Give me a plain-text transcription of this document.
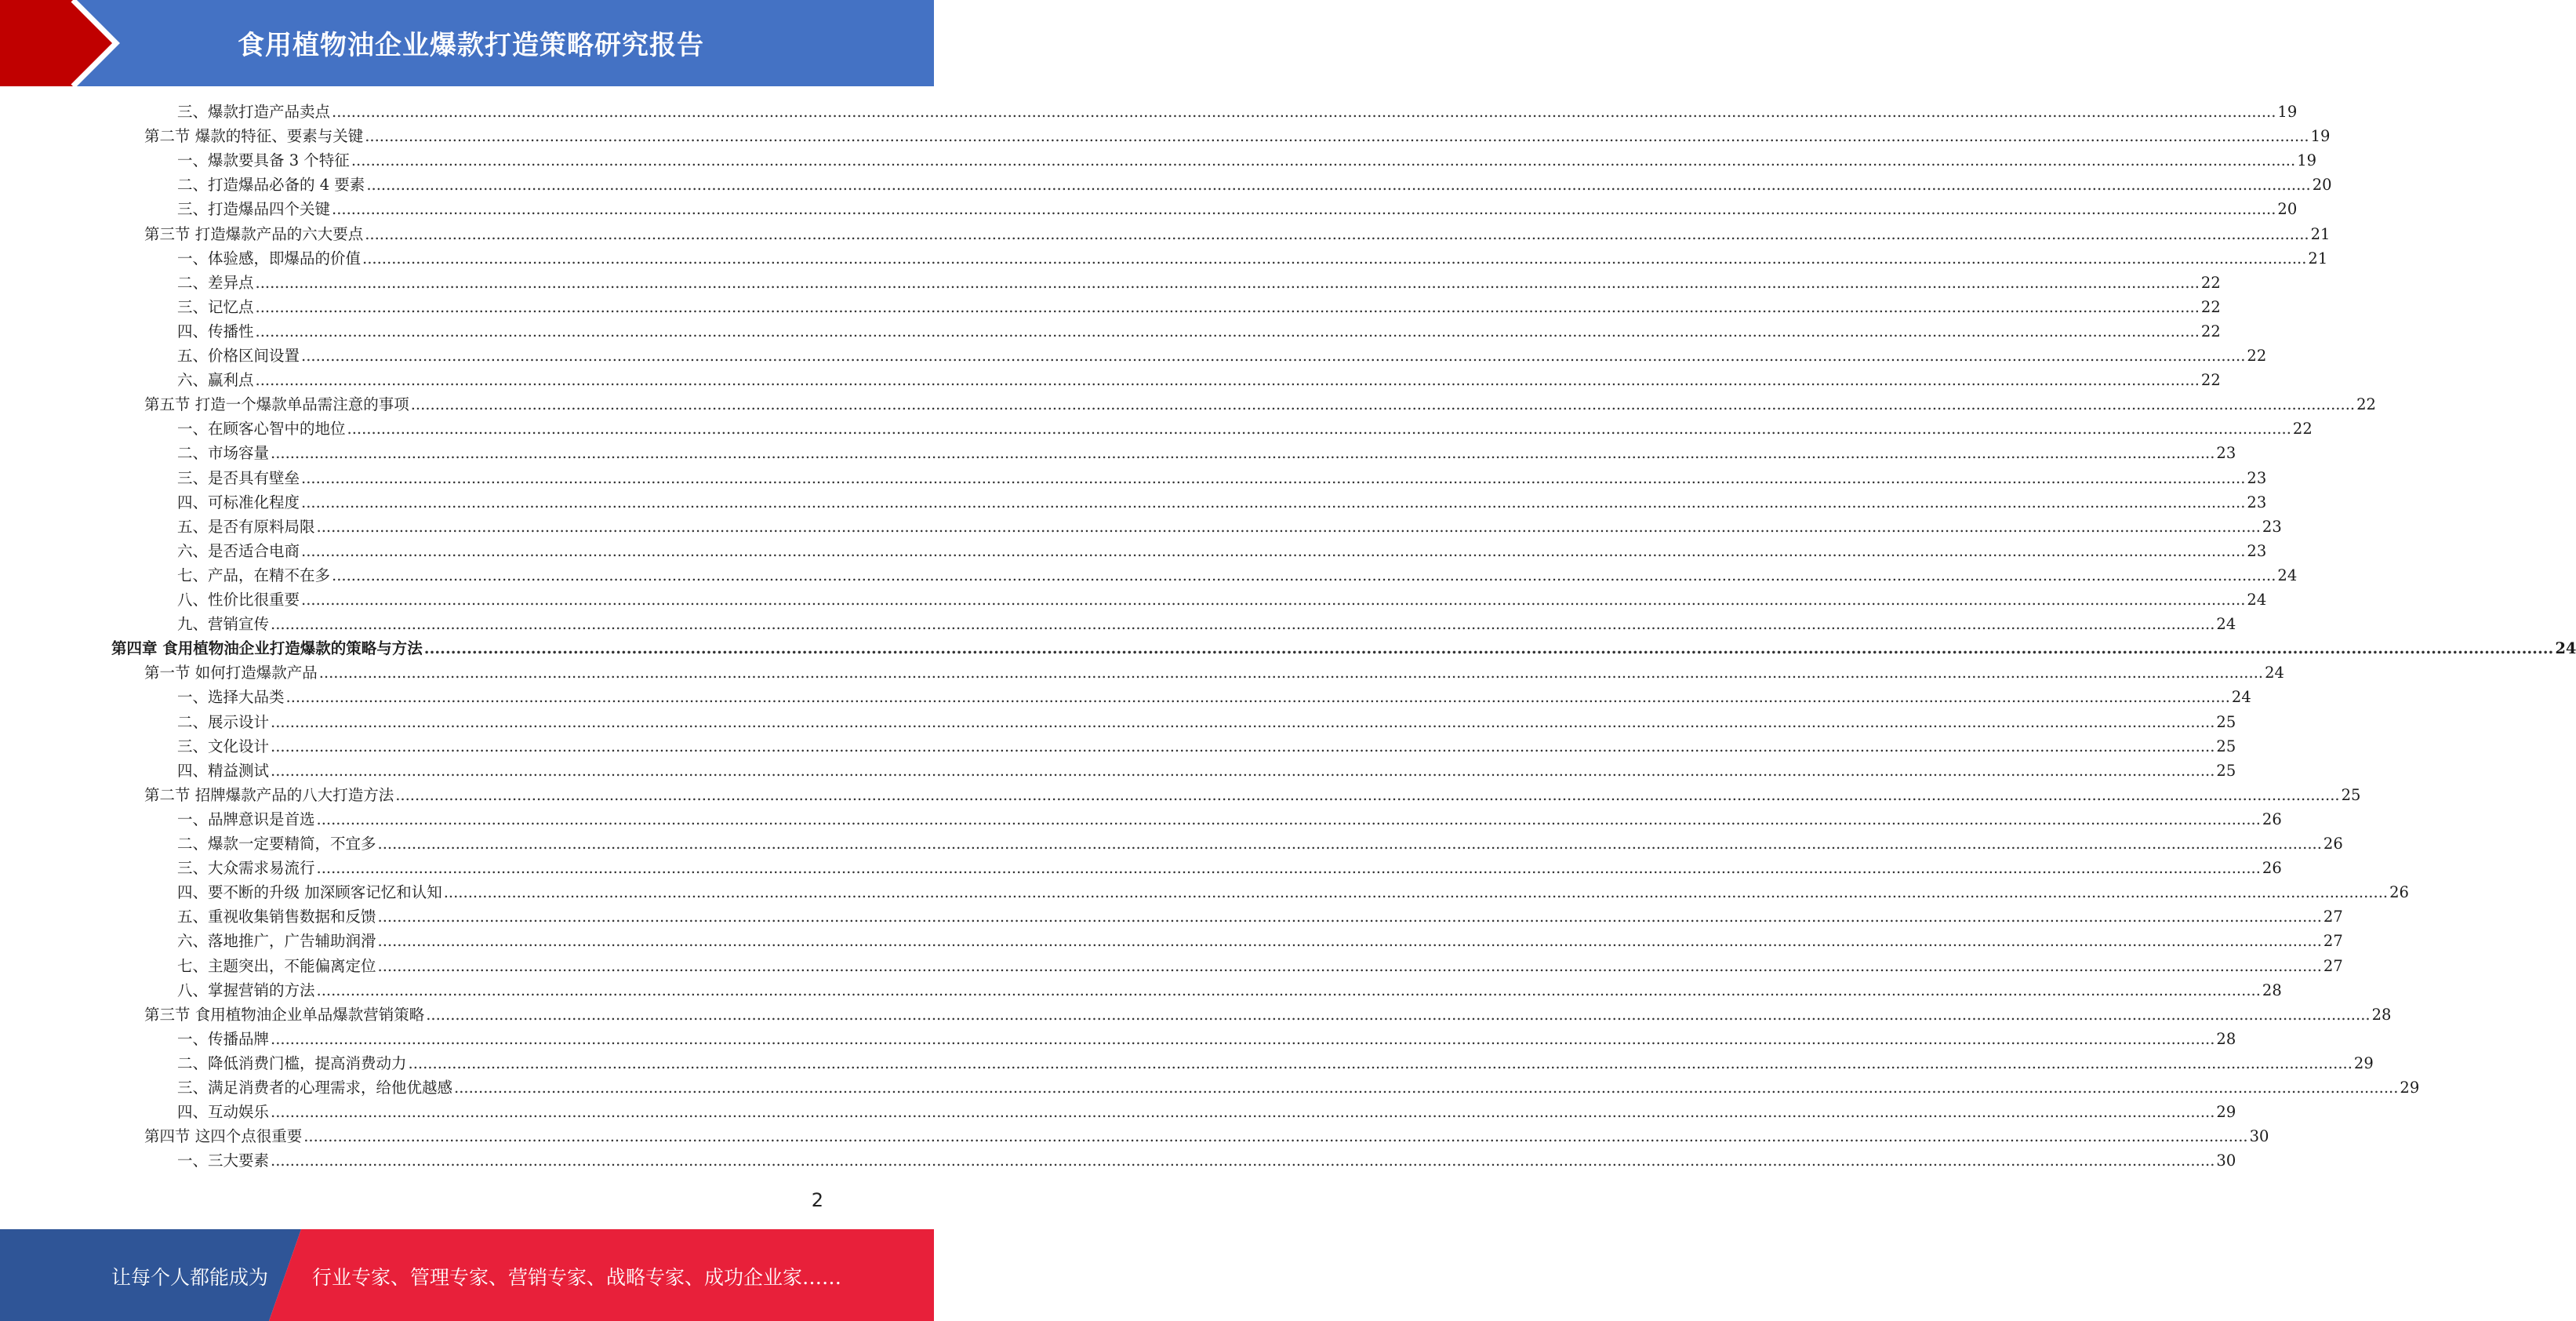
食用植物油企业爆款打造策略研究报告
三、爆款打造产品卖点 ................................................................................................................................................................................................................................................................................................................................................................................................................ 19
第二节 爆款的特征、要素与关键 ................................................................................................................................................................................................................................................................................................................................................................................................................ 19
一、爆款要具备 3 个特征 ................................................................................................................................................................................................................................................................................................................................................................................................................ 19
二、打造爆品必备的 4 要素 ................................................................................................................................................................................................................................................................................................................................................................................................................ 20
三、打造爆品四个关键 ................................................................................................................................................................................................................................................................................................................................................................................................................ 20
第三节 打造爆款产品的六大要点 ................................................................................................................................................................................................................................................................................................................................................................................................................ 21
一、体验感，即爆品的价值 ................................................................................................................................................................................................................................................................................................................................................................................................................ 21
二、差异点 ................................................................................................................................................................................................................................................................................................................................................................................................................ 22
三、记忆点 ................................................................................................................................................................................................................................................................................................................................................................................................................ 22
四、传播性 ................................................................................................................................................................................................................................................................................................................................................................................................................ 22
五、价格区间设置 ................................................................................................................................................................................................................................................................................................................................................................................................................ 22
六、赢利点 ................................................................................................................................................................................................................................................................................................................................................................................................................ 22
第五节 打造一个爆款单品需注意的事项 ................................................................................................................................................................................................................................................................................................................................................................................................................ 22
一、在顾客心智中的地位 ................................................................................................................................................................................................................................................................................................................................................................................................................ 22
二、市场容量 ................................................................................................................................................................................................................................................................................................................................................................................................................ 23
三、是否具有壁垒 ................................................................................................................................................................................................................................................................................................................................................................................................................ 23
四、可标准化程度 ................................................................................................................................................................................................................................................................................................................................................................................................................ 23
五、是否有原料局限 ................................................................................................................................................................................................................................................................................................................................................................................................................ 23
六、是否适合电商 ................................................................................................................................................................................................................................................................................................................................................................................................................ 23
七、产品，在精不在多 ................................................................................................................................................................................................................................................................................................................................................................................................................ 24
八、性价比很重要 ................................................................................................................................................................................................................................................................................................................................................................................................................ 24
九、营销宣传 ................................................................................................................................................................................................................................................................................................................................................................................................................ 24
第四章 食用植物油企业打造爆款的策略与方法 ................................................................................................................................................................................................................................................................................................................................................................................................................ 24
第一节 如何打造爆款产品 ................................................................................................................................................................................................................................................................................................................................................................................................................ 24
一、选择大品类 ................................................................................................................................................................................................................................................................................................................................................................................................................ 24
二、展示设计 ................................................................................................................................................................................................................................................................................................................................................................................................................ 25
三、文化设计 ................................................................................................................................................................................................................................................................................................................................................................................................................ 25
四、精益测试 ................................................................................................................................................................................................................................................................................................................................................................................................................ 25
第二节 招牌爆款产品的八大打造方法 ................................................................................................................................................................................................................................................................................................................................................................................................................ 25
一、品牌意识是首选 ................................................................................................................................................................................................................................................................................................................................................................................................................ 26
二、爆款一定要精简，不宜多 ................................................................................................................................................................................................................................................................................................................................................................................................................ 26
三、大众需求易流行 ................................................................................................................................................................................................................................................................................................................................................................................................................ 26
四、要不断的升级 加深顾客记忆和认知 ................................................................................................................................................................................................................................................................................................................................................................................................................ 26
五、重视收集销售数据和反馈 ................................................................................................................................................................................................................................................................................................................................................................................................................ 27
六、落地推广，广告辅助润滑 ................................................................................................................................................................................................................................................................................................................................................................................................................ 27
七、主题突出，不能偏离定位 ................................................................................................................................................................................................................................................................................................................................................................................................................ 27
八、掌握营销的方法 ................................................................................................................................................................................................................................................................................................................................................................................................................ 28
第三节 食用植物油企业单品爆款营销策略 ................................................................................................................................................................................................................................................................................................................................................................................................................ 28
一、传播品牌 ................................................................................................................................................................................................................................................................................................................................................................................................................ 28
二、降低消费门槛，提高消费动力 ................................................................................................................................................................................................................................................................................................................................................................................................................ 29
三、满足消费者的心理需求，给他优越感 ................................................................................................................................................................................................................................................................................................................................................................................................................ 29
四、互动娱乐 ................................................................................................................................................................................................................................................................................................................................................................................................................ 29
第四节 这四个点很重要 ................................................................................................................................................................................................................................................................................................................................................................................................................ 30
一、三大要素 ................................................................................................................................................................................................................................................................................................................................................................................................................ 30
2
让每个人都能成为 行业专家、管理专家、营销专家、战略专家、成功企业家……
